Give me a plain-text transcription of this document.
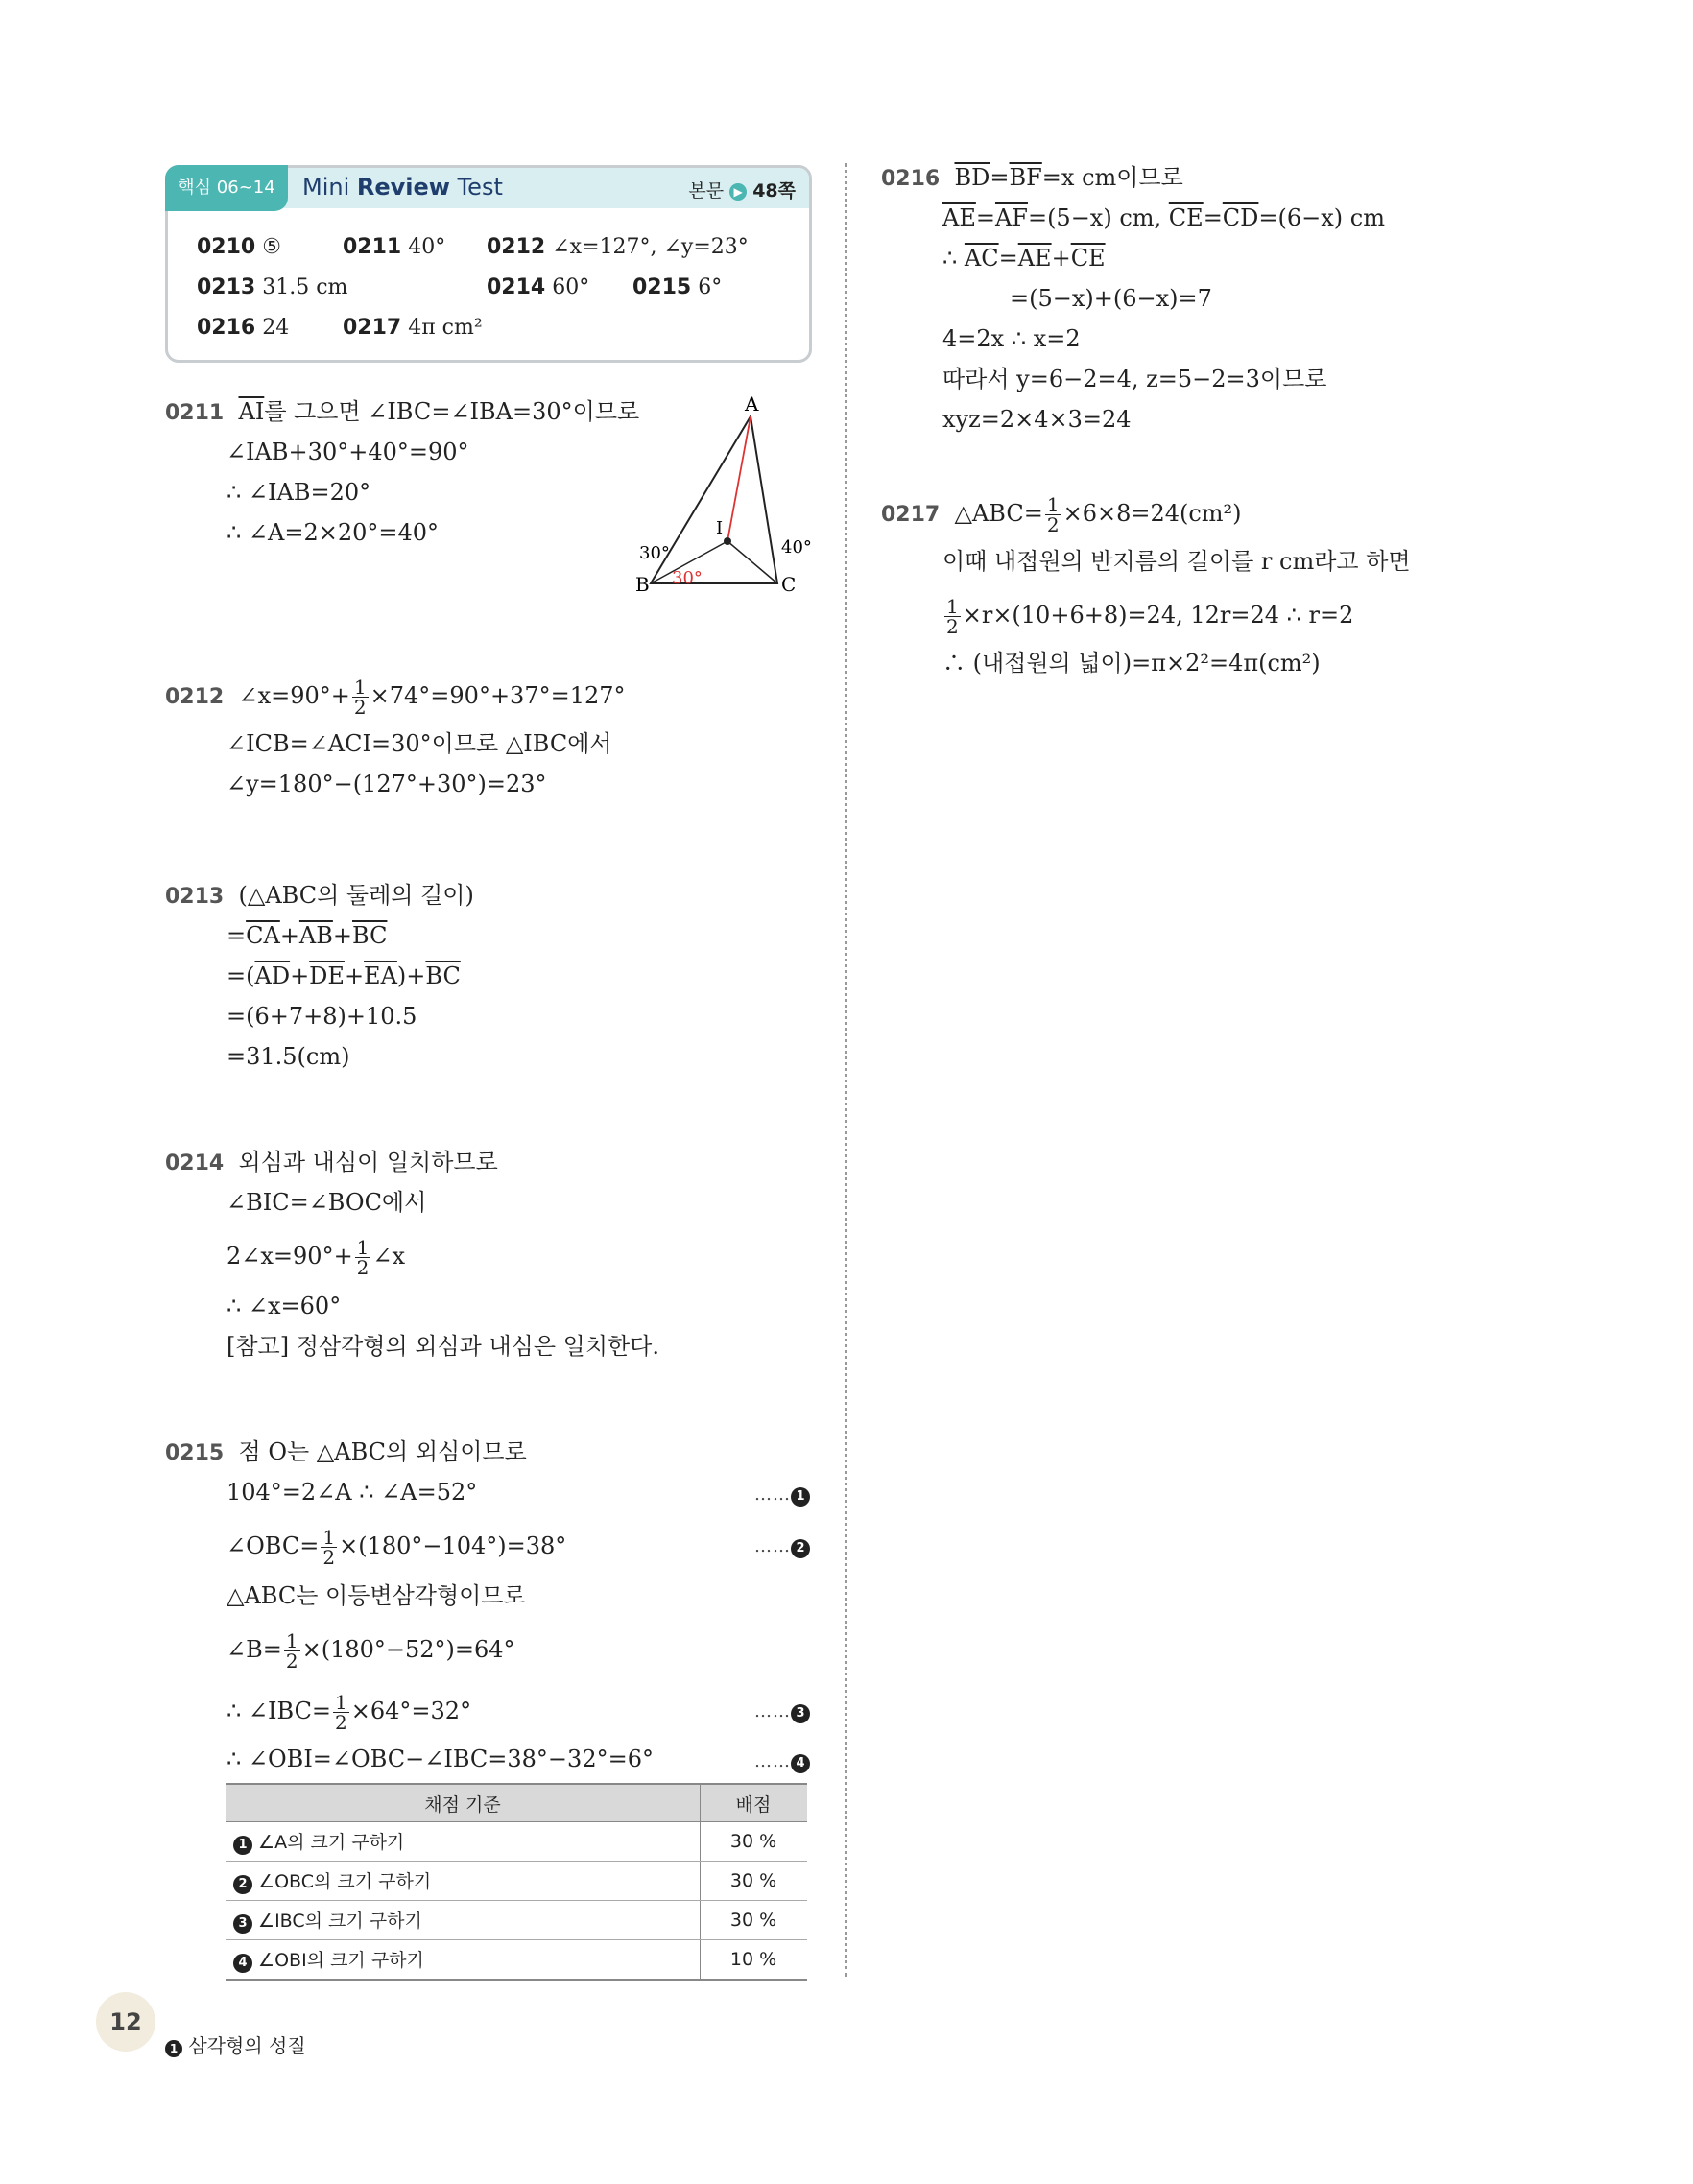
핵심 06~14	Mini Review Test	본문 ▶ 48쪽
0210 ⑤	0211 40° 0212 ∠x=127°, ∠y=23°
0213 31.5 cm	0214 60° 0215 6°
0216 24	0217 4π cm²
0211 $\overline{AI}$를 그으면 ∠IBC=∠IBA=30°이므로
∠IAB+30°+40°=90°
∴ ∠IAB=20°
∴ ∠A=2×20°=40°
A
B	C
I
30°
30°
40°
0212 ∠x=90°+ $\frac{1}{2} \times 74^\circ=90^\circ+37^\circ=127^\circ$
∠ICB=∠ACI=30°이므로 △IBC에서
∠y=180°−(127°+30°)=23°
0213 (△ABC의 둘레의 길이)
$=\overline{CA}+\overline{AB}+\overline{BC}$
$=(\overline{AD}+\overline{DE}+\overline{EA})+\overline{BC}$
=(6+7+8)+10.5
=31.5(cm)
0214 외심과 내심이 일치하므로
∠BIC=∠BOC에서
2∠x=90°+ $\frac{1}{2}$ ∠x
∴ ∠x=60°
[참고] 정삼각형의 외심과 내심은 일치한다.
0215 점 O는 △ABC의 외심이므로
104°=2∠A ∴ ∠A=52°	…… 1
∠OBC= $\frac{1}{2} \times(180^\circ-104^\circ)=38^\circ$	…… 2
△ABC는 이등변삼각형이므로
∠B= $\frac{1}{2} \times(180^\circ-52^\circ)=64^\circ$
∴ ∠IBC= $\frac{1}{2} \times 64^\circ=32^\circ$	…… 3
∴ ∠OBI=∠OBC−∠IBC=38°−32°=6°	…… 4
채점 기준	배점
1 ∠A의 크기 구하기	30 %
2 ∠OBC의 크기 구하기	30 %
3 ∠IBC의 크기 구하기	30 %
4 ∠OBI의 크기 구하기	10 %
0216 $\overline{BD}=\overline{BF}=x$ cm이므로
$\overline{AE}=\overline{AF}=(5-x)$ cm, $\overline{CE}=\overline{CD}=(6-x)$ cm
∴ $\overline{AC}=\overline{AE}+\overline{CE}$
=(5−x)+(6−x)=7
4=2x ∴ x=2
따라서 y=6−2=4, z=5−2=3이므로
xyz=2×4×3=24
0217 △ABC= $\frac{1}{2} \times 6\times 8=24(cm^2)$
이때 내접원의 반지름의 길이를 r cm라고 하면
$\frac{1}{2} \times r\times(10+6+8)=24$, 12r=24 ∴ r=2
∴ (내접원의 넓이)=π×2²=4π(cm²)
12
1 삼각형의 성질
